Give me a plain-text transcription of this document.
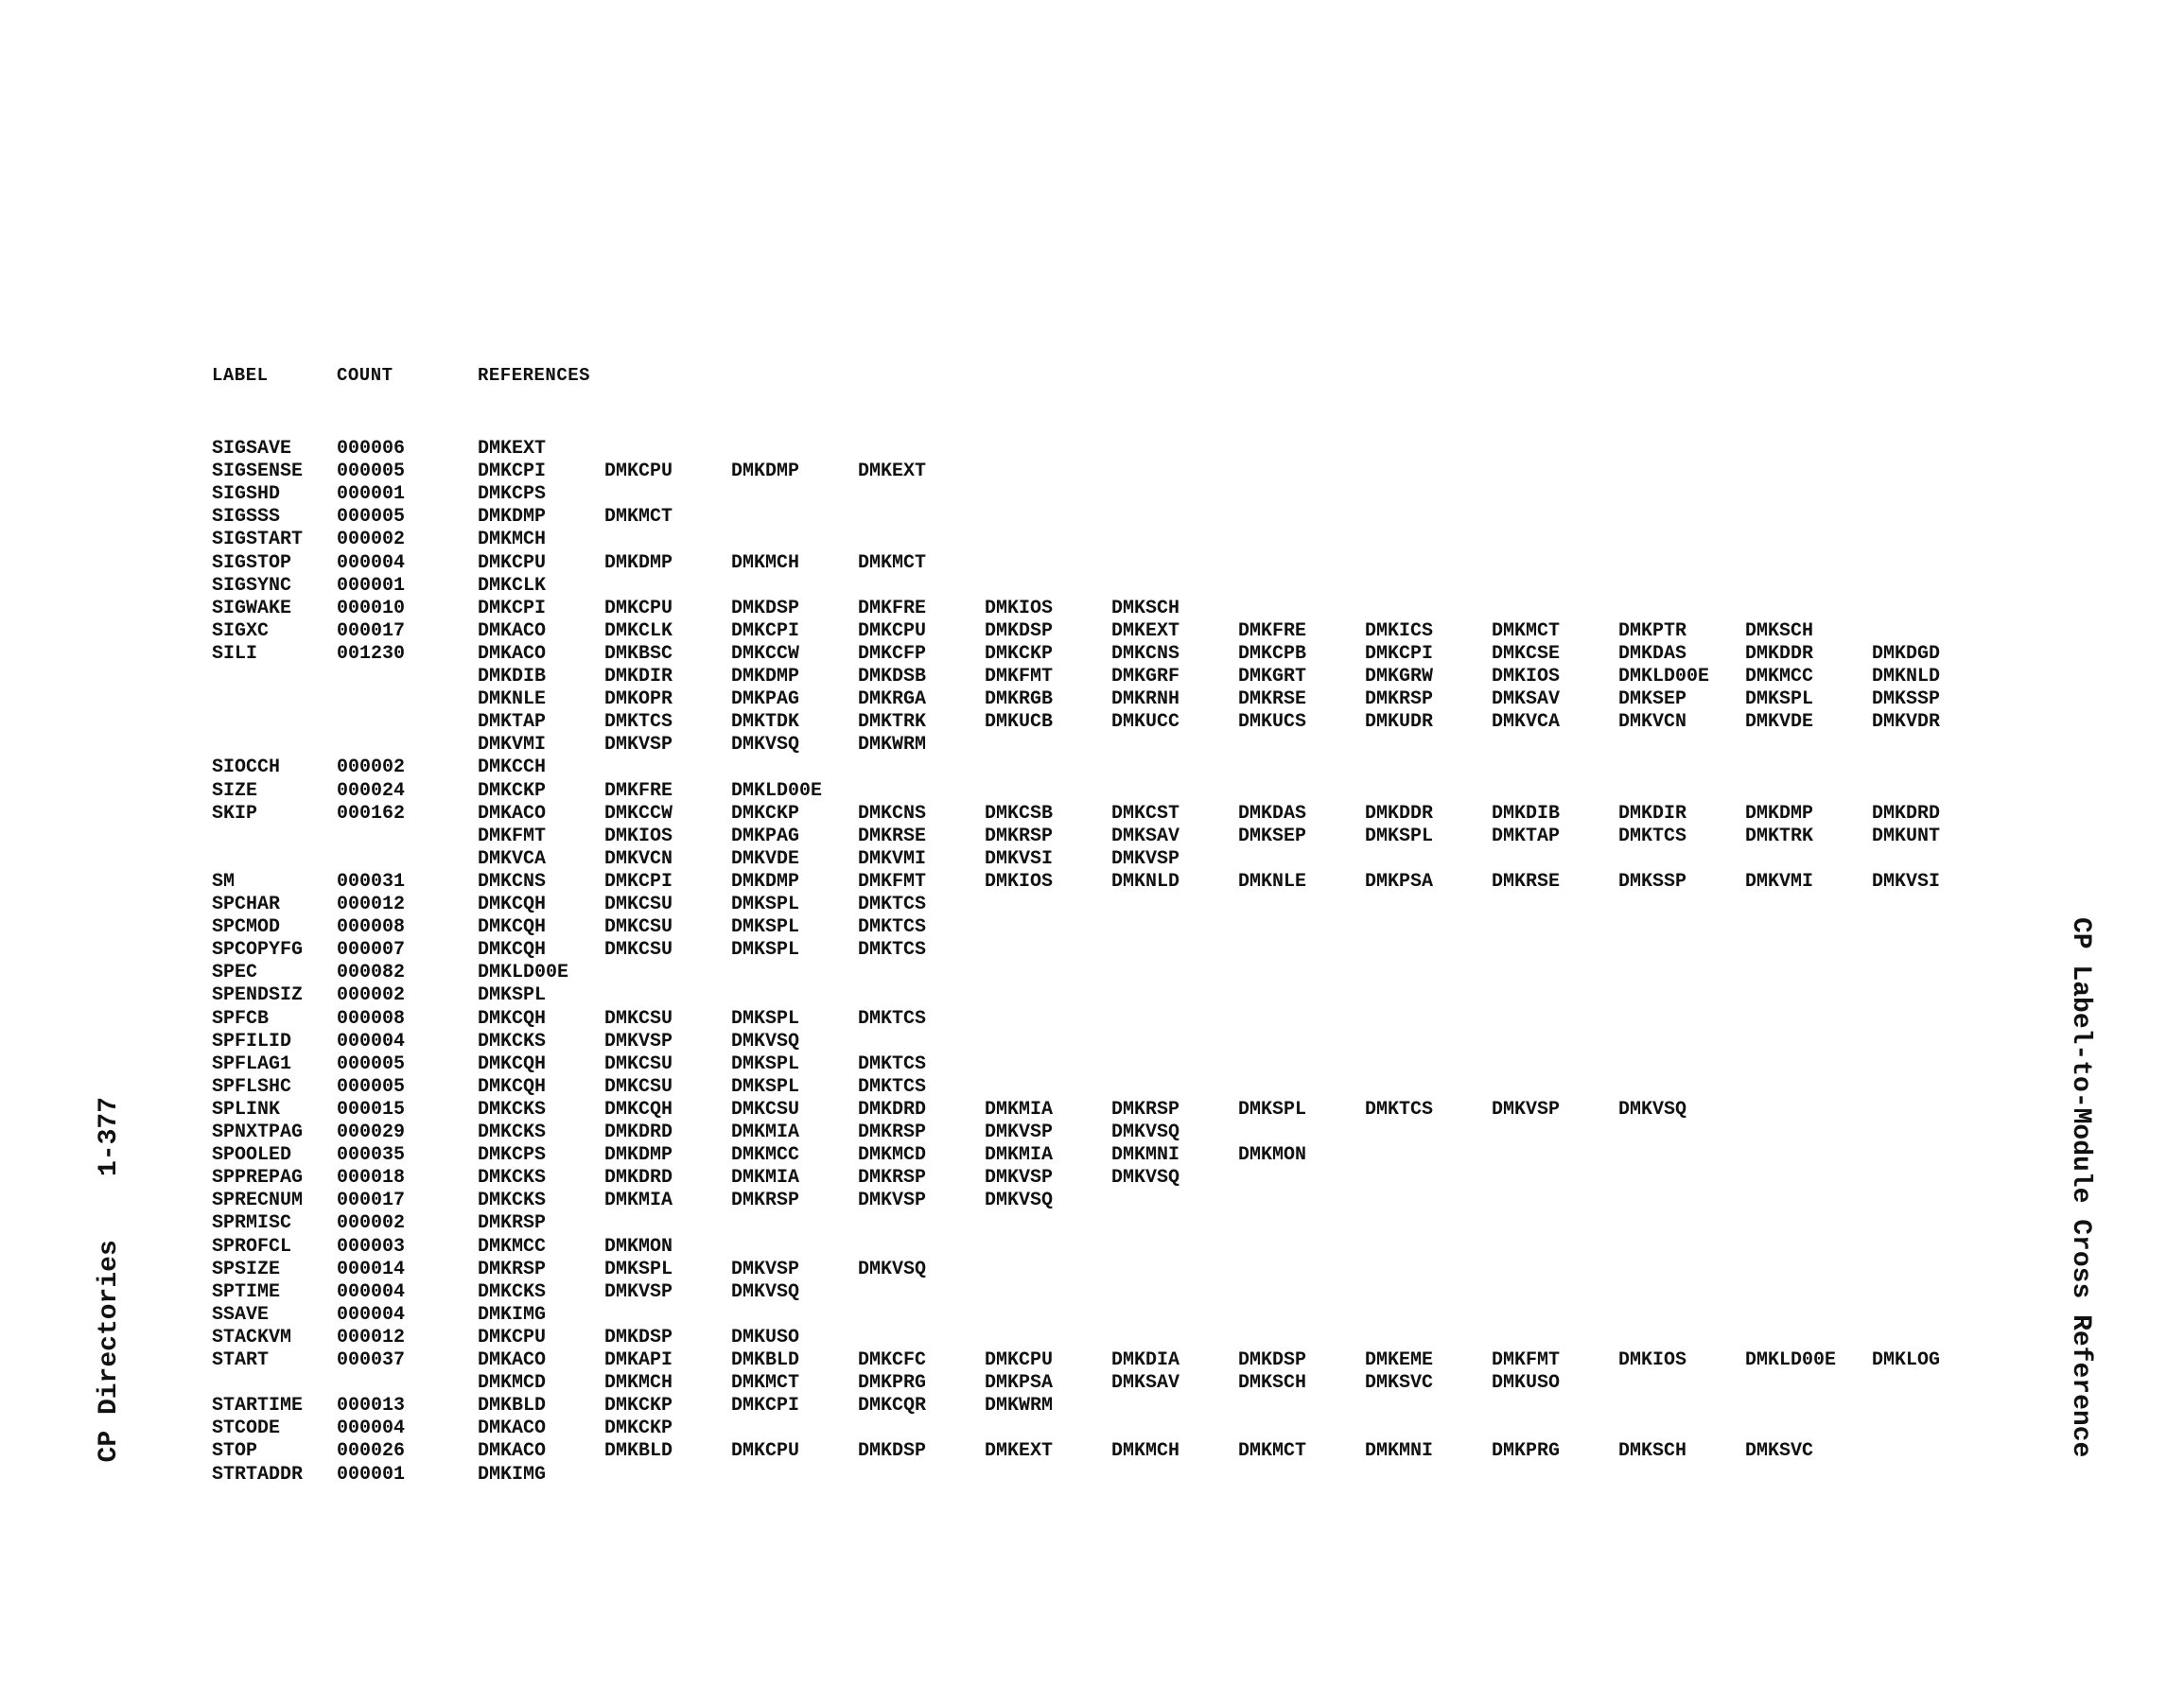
LABEL	COUNT	REFERENCES
SIGSAVE 000006	DMKEXT
SIGSENSE 000005	DMKCPI	DMKCPU	DMKDMP	DMKEXT
SIGSHD	000001	DMKCPS
SIGSSS	000005	DMKDMP	DMKMCT
SIGSTART 000002	DMKMCH
SIGSTOP 000004	DMKCPU	DMKDMP	DMKMCH	DMKMCT
SIGSYNC 000001	DMKCLK
SIGWAKE 000010	DMKCPI	DMKCPU	DMKDSP	DMKFRE	DMKIOS	DMKSCH
SIGXC	000017	DMKACO	DMKCLK	DMKCPI	DMKCPU	DMKDSP	DMKEXT	DMKFRE	DMKICS	DMKMCT	DMKPTR	DMKSCH
SILI	001230	DMKACO	DMKBSC	DMKCCW	DMKCFP	DMKCKP	DMKCNS	DMKCPB	DMKCPI	DMKCSE	DMKDAS	DMKDDR	DMKDGD
DMKDIB	DMKDIR	DMKDMP	DMKDSB	DMKFMT	DMKGRF	DMKGRT	DMKGRW	DMKIOS	DMKLD00E DMKMCC	DMKNLD
DMKNLE	DMKOPR	DMKPAG	DMKRGA	DMKRGB	DMKRNH	DMKRSE	DMKRSP	DMKSAV	DMKSEP	DMKSPL	DMKSSP
DMKTAP	DMKTCS	DMKTDK	DMKTRK	DMKUCB	DMKUCC	DMKUCS	DMKUDR	DMKVCA	DMKVCN	DMKVDE	DMKVDR
DMKVMI	DMKVSP	DMKVSQ	DMKWRM
SIOCCH	000002	DMKCCH
SIZE	000024	DMKCKP	DMKFRE	DMKLD00E
SKIP	000162	DMKACO	DMKCCW	DMKCKP	DMKCNS	DMKCSB	DMKCST	DMKDAS	DMKDDR	DMKDIB	DMKDIR	DMKDMP	DMKDRD
DMKFMT	DMKIOS	DMKPAG	DMKRSE	DMKRSP	DMKSAV	DMKSEP	DMKSPL	DMKTAP	DMKTCS	DMKTRK	DMKUNT
DMKVCA	DMKVCN	DMKVDE	DMKVMI	DMKVSI	DMKVSP
SM	000031	DMKCNS	DMKCPI	DMKDMP	DMKFMT	DMKIOS	DMKNLD	DMKNLE	DMKPSA	DMKRSE	DMKSSP	DMKVMI	DMKVSI
SPCHAR	000012	DMKCQH	DMKCSU	DMKSPL	DMKTCS
SPCMOD	000008	DMKCQH	DMKCSU	DMKSPL	DMKTCS
SPCOPYFG 000007	DMKCQH	DMKCSU	DMKSPL	DMKTCS
SPEC	000082	DMKLD00E
SPENDSIZ 000002	DMKSPL
SPFCB	000008	DMKCQH	DMKCSU	DMKSPL	DMKTCS
SPFILID 000004	DMKCKS	DMKVSP	DMKVSQ
SPFLAG1 000005	DMKCQH	DMKCSU	DMKSPL	DMKTCS
SPFLSHC 000005	DMKCQH	DMKCSU	DMKSPL	DMKTCS
SPLINK	000015	DMKCKS	DMKCQH	DMKCSU	DMKDRD	DMKMIA	DMKRSP	DMKSPL	DMKTCS	DMKVSP	DMKVSQ
SPNXTPAG 000029	DMKCKS	DMKDRD	DMKMIA	DMKRSP	DMKVSP	DMKVSQ
SPOOLED 000035	DMKCPS	DMKDMP	DMKMCC	DMKMCD	DMKMIA	DMKMNI	DMKMON
SPPREPAG 000018	DMKCKS	DMKDRD	DMKMIA	DMKRSP	DMKVSP	DMKVSQ
SPRECNUM 000017	DMKCKS	DMKMIA	DMKRSP	DMKVSP	DMKVSQ
SPRMISC 000002	DMKRSP
SPROFCL 000003	DMKMCC	DMKMON
SPSIZE	000014	DMKRSP	DMKSPL	DMKVSP	DMKVSQ
SPTIME	000004	DMKCKS	DMKVSP	DMKVSQ
SSAVE	000004	DMKIMG
STACKVM 000012	DMKCPU	DMKDSP	DMKUSO
START	000037	DMKACO	DMKAPI	DMKBLD	DMKCFC	DMKCPU	DMKDIA	DMKDSP	DMKEME	DMKFMT	DMKIOS	DMKLD00E DMKLOG
DMKMCD	DMKMCH	DMKMCT	DMKPRG	DMKPSA	DMKSAV	DMKSCH	DMKSVC	DMKUSO
STARTIME 000013	DMKBLD	DMKCKP	DMKCPI	DMKCQR	DMKWRM
STCODE	000004	DMKACO	DMKCKP
STOP	000026	DMKACO	DMKBLD	DMKCPU	DMKDSP	DMKEXT	DMKMCH	DMKMCT	DMKMNI	DMKPRG	DMKSCH	DMKSVC
STRTADDR 000001	DMKIMG
CP Directories    1-377	CP Label-to-Module Cross Reference
